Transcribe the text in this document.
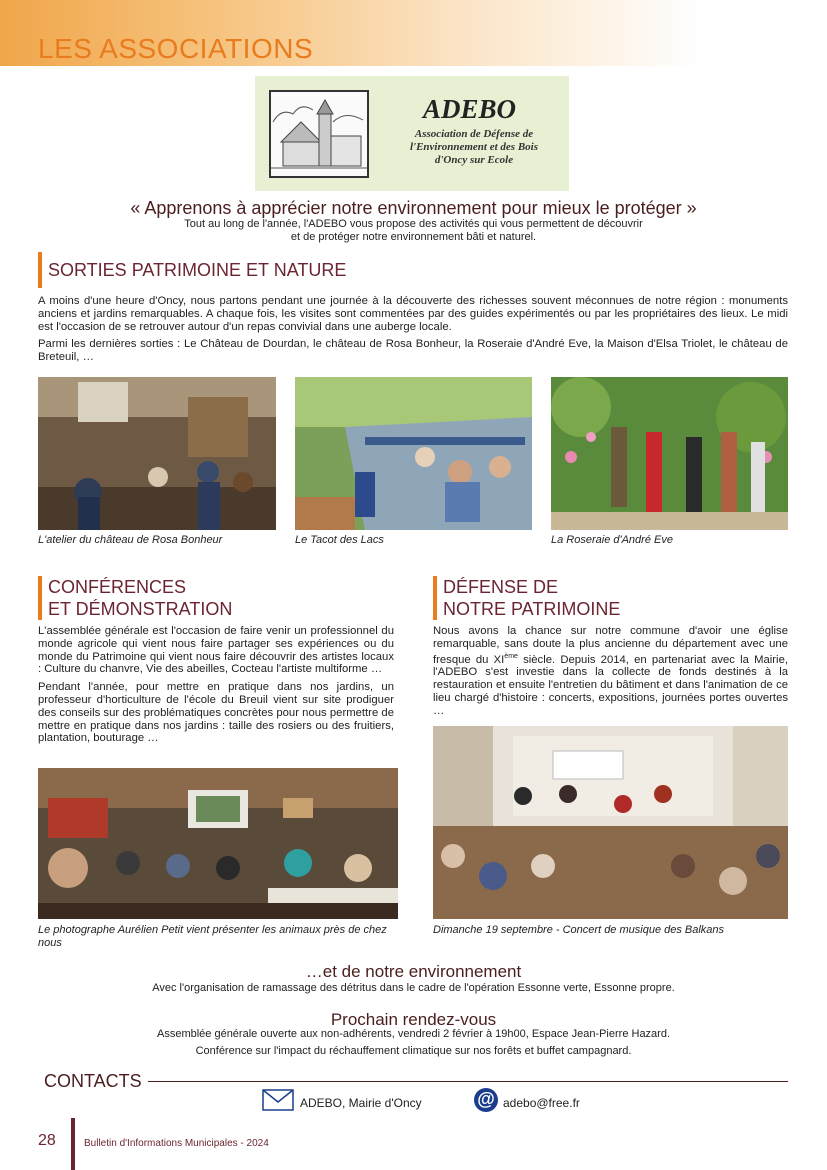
LES ASSOCIATIONS
ADEBO
Association de Défense de l'Environnement et des Bois d'Oncy sur Ecole
« Apprenons à apprécier notre environnement pour mieux le protéger »
Tout au long de l'année, l'ADEBO vous propose des activités qui vous permettent de découvrir
et de protéger notre environnement bâti et naturel.
SORTIES PATRIMOINE ET NATURE

A moins d'une heure d'Oncy, nous partons pendant une journée à la découverte des richesses souvent méconnues de notre région : monuments anciens et jardins remarquables. A chaque fois, les visites sont commentées par des guides expérimentés ou par les propriétaires des lieux. Le midi est l'occasion de se retrouver autour d'un repas convivial dans une auberge locale.

Parmi les dernières sorties : Le Château de Dourdan, le château de Rosa Bonheur, la Roseraie d'André Eve, la Maison d'Elsa Triolet, le château de Breteuil, …

L'atelier du château de Rosa Bonheur	Le Tacot des Lacs	La Roseraie d'André Eve
CONFÉRENCES
ET DÉMONSTRATION

L'assemblée générale est l'occasion de faire venir un professionnel du monde agricole qui vient nous faire partager ses expériences ou du monde du Patrimoine qui vient nous faire découvrir des artistes locaux : Culture du chanvre, Vie des abeilles, Cocteau l'artiste multiforme …

Pendant l'année, pour mettre en pratique dans nos jardins, un professeur d'horticulture de l'école du Breuil vient sur site prodiguer des conseils sur des problématiques concrètes pour nous permettre de mettre en pratique dans nos jardins : taille des rosiers ou des fruitiers, plantation, bouturage …

Le photographe Aurélien Petit vient présenter les animaux près de chez nous
DÉFENSE DE
NOTRE PATRIMOINE

Nous avons la chance sur notre commune d'avoir une église remarquable, sans doute la plus ancienne du département avec une fresque du XIème siècle. Depuis 2014, en partenariat avec la Mairie, l'ADEBO s'est investie dans la collecte de fonds destinés à la restauration et ensuite l'entretien du bâtiment et dans l'animation de ce lieu chargé d'histoire : concerts, expositions, journées portes ouvertes …

Dimanche 19 septembre - Concert de musique des Balkans
…et de notre environnement
Avec l'organisation de ramassage des détritus dans le cadre de l'opération Essonne verte, Essonne propre.
Prochain rendez-vous
Assemblée générale ouverte aux non-adhérents, vendredi 2 février à 19h00, Espace Jean-Pierre Hazard.
Conférence sur l'impact du réchauffement climatique sur nos forêts et buffet campagnard.
CONTACTS
ADEBO, Mairie d'Oncy	@ adebo@free.fr
28	Bulletin d'Informations Municipales - 2024
